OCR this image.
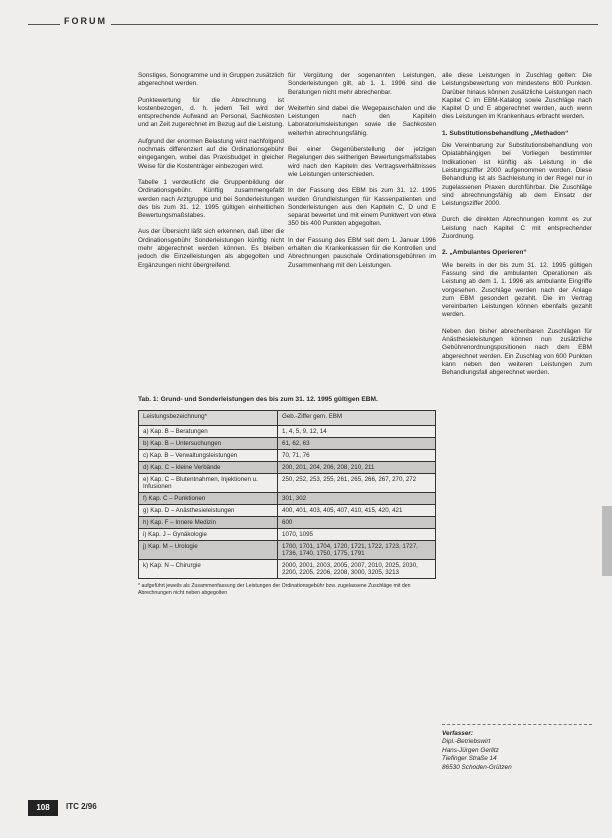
FORUM

Sonstiges, Sonogramme und in Gruppen zusätzlich abgerechnet werden.

Punktewertung für die Abrechnung ist kostenbezogen, d. h. jedem Teil wird der entsprechende Aufwand an Personal, Sachkosten und an Zeit zugerechnet im Bezug auf die Leistung.

Aufgrund der enormen Belastung wird nachfolgend nochmals differenziert auf die Ordinationsgebühr eingegangen, wobei das Praxisbudget in gleicher Weise für die Kostenträger einbezogen wird.

Tabelle 1 verdeutlicht die Gruppenbildung der Ordinationsgebühr. Künftig zusammengefaßt werden nach Arztgruppe und bei Sonderleistungen des bis zum 31. 12. 1995 gültigen einheitlichen Bewertungsmaßstabes.

Aus der Übersicht läßt sich erkennen, daß über die Ordinationsgebühr Sonderleistungen künftig nicht mehr abgerechnet werden können. Es bleiben jedoch die Einzelleistungen als abgegolten und Ergänzungen nicht übergreifend.

für Vergütung der sogenannten Leistungen, Sonderleistungen gilt, ab 1. 1. 1996 sind die Beratungen nicht mehr abrechenbar.

Weiterhin sind dabei die Wegepauschalen und die Leistungen nach den Kapiteln Laboratoriumsleistungen sowie die Sachkosten weiterhin abrechnungsfähig.

Bei einer Gegenüberstellung der jetzigen Regelungen des seitherigen Bewertungsmaßstabes wird nach den Kapiteln des Vertragsverhältnisses wie Leistungen unterschieden.

In der Fassung des EBM bis zum 31. 12. 1995 wurden Grundleistungen für Kassenpatienten und Sonderleistungen aus den Kapiteln C, D und E separat bewertet und mit einem Punktwert von etwa 350 bis 400 Punkten abgegolten.

In der Fassung des EBM seit dem 1. Januar 1996 erhalten die Krankenkassen für die Kontrollen und Abrechnungen pauschale Ordinationsgebühren im Zusammenhang mit den Leistungen.

alle diese Leistungen in Zuschlag gelten: Die Leistungsbewertung von mindestens 600 Punkten. Darüber hinaus können zusätzliche Leistungen nach Kapitel C im EBM-Katalog sowie Zuschläge nach Kapitel D und E abgerechnet werden, auch wenn dies Leistungen im Krankenhaus erbracht werden.

1. Substitutionsbehandlung „Methadon“

Die Vereinbarung zur Substitutionsbehandlung von Opiatabhängigen bei Vorliegen bestimmter Indikationen ist künftig als Leistung in die Leistungsziffer 2000 aufgenommen worden. Diese Behandlung ist als Sachleistung in der Regel nur in zugelassenen Praxen durchführbar. Die Zuschläge sind abrechnungsfähig ab dem Einsatz der Leistungsziffer 2000.

Durch die direkten Abrechnungen kommt es zur Leistung nach Kapitel C mit entsprechender Zuordnung.

2. „Ambulantes Operieren“

Wie bereits in der bis zum 31. 12. 1995 gültigen Fassung sind die ambulanten Operationen als Leistung ab dem 1. 1. 1996 als ambulante Eingriffe vorgesehen. Zuschläge werden nach der Anlage zum EBM gesondert gezahlt. Die im Vertrag vereinbarten Leistungen können ebenfalls gezahlt werden.

Neben den bisher abrechenbaren Zuschlägen für Anästhesieleistungen können nun zusätzliche Gebührenordnungspositionen nach dem EBM abgerechnet werden. Ein Zuschlag von 600 Punkten kann neben den weiteren Leistungen zum Behandlungsfall abgerechnet werden.

Tab. 1: Grund- und Sonderleistungen des bis zum 31. 12. 1995 gültigen EBM.
Leistungsbezeichnung*	Geb.-Ziffer gem. EBM
a) Kap. B – Beratungen	1, 4, 5, 9, 12, 14
b) Kap. B – Untersuchungen	61, 62, 63
c) Kap. B – Verwaltungsleistungen	70, 71, 76
d) Kap. C – kleine Verbände	200, 201, 204, 206, 208, 210, 211
e) Kap. C – Blutentnahmen, Injektionen u. Infusionen	250, 252, 253, 255, 261, 265, 266, 267, 270, 272
f) Kap. C – Punktionen	301, 302
g) Kap. D – Anästhesieleistungen	400, 401, 403, 405, 407, 410, 415, 420, 421
h) Kap. F – Innere Medizin	600
i) Kap. J – Gynäkologie	1070, 1095
j) Kap. M – Urologie	1700, 1701, 1704, 1720, 1721, 1722, 1723, 1727, 1736, 1740, 1750, 1775, 1791
k) Kap. N – Chirurgie	2000, 2001, 2003, 2005, 2007, 2010, 2025, 2030, 2200, 2205, 2206, 2208, 3000, 3205, 3213
* aufgeführt jeweils als Zusammenfassung der Leistungen der Ordinationsgebühr bzw. zugelassene Zuschläge mit den Abrechnungen nicht neben abgegolten
Verfasser:
Dipl.-Betriebswirt
Hans-Jürgen Gerlitz
Tiefinger Straße 14
86530 Schoden-Grützen
108	ITC 2/96
